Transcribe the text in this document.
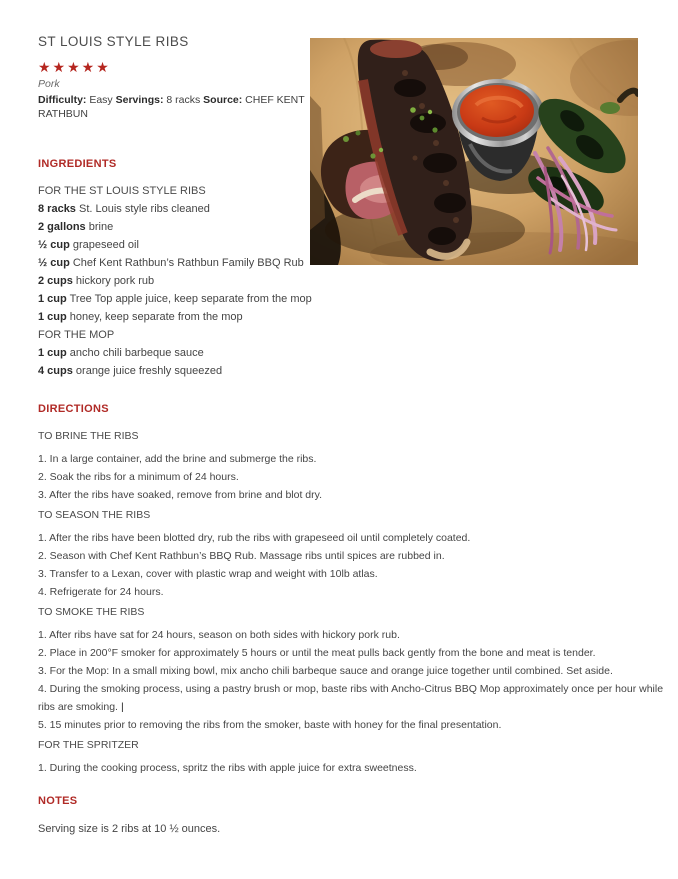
ST LOUIS STYLE RIBS
★★★★★
Pork
Difficulty: Easy Servings: 8 racks Source: CHEF KENT RATHBUN
INGREDIENTS
FOR THE ST LOUIS STYLE RIBS
8 racks St. Louis style ribs cleaned
2 gallons brine
½ cup grapeseed oil
½ cup Chef Kent Rathbun’s Rathbun Family BBQ Rub
2 cups hickory pork rub
1 cup Tree Top apple juice, keep separate from the mop
1 cup honey, keep separate from the mop
FOR THE MOP
1 cup ancho chili barbeque sauce
4 cups orange juice freshly squeezed
DIRECTIONS
TO BRINE THE RIBS
1. In a large container, add the brine and submerge the ribs.
2. Soak the ribs for a minimum of 24 hours.
3. After the ribs have soaked, remove from brine and blot dry.
TO SEASON THE RIBS
1. After the ribs have been blotted dry, rub the ribs with grapeseed oil until completely coated.
2. Season with Chef Kent Rathbun’s BBQ Rub. Massage ribs until spices are rubbed in.
3. Transfer to a Lexan, cover with plastic wrap and weight with 10lb atlas.
4. Refrigerate for 24 hours.
TO SMOKE THE RIBS
1. After ribs have sat for 24 hours, season on both sides with hickory pork rub.
2. Place in 200°F smoker for approximately 5 hours or until the meat pulls back gently from the bone and meat is tender.
3. For the Mop: In a small mixing bowl, mix ancho chili barbeque sauce and orange juice together until combined. Set aside.
4. During the smoking process, using a pastry brush or mop, baste ribs with Ancho-Citrus BBQ Mop approximately once per hour while ribs are smoking. |
5. 15 minutes prior to removing the ribs from the smoker, baste with honey for the final presentation.
FOR THE SPRITZER
1. During the cooking process, spritz the ribs with apple juice for extra sweetness.
NOTES
Serving size is 2 ribs at 10 ½ ounces.
